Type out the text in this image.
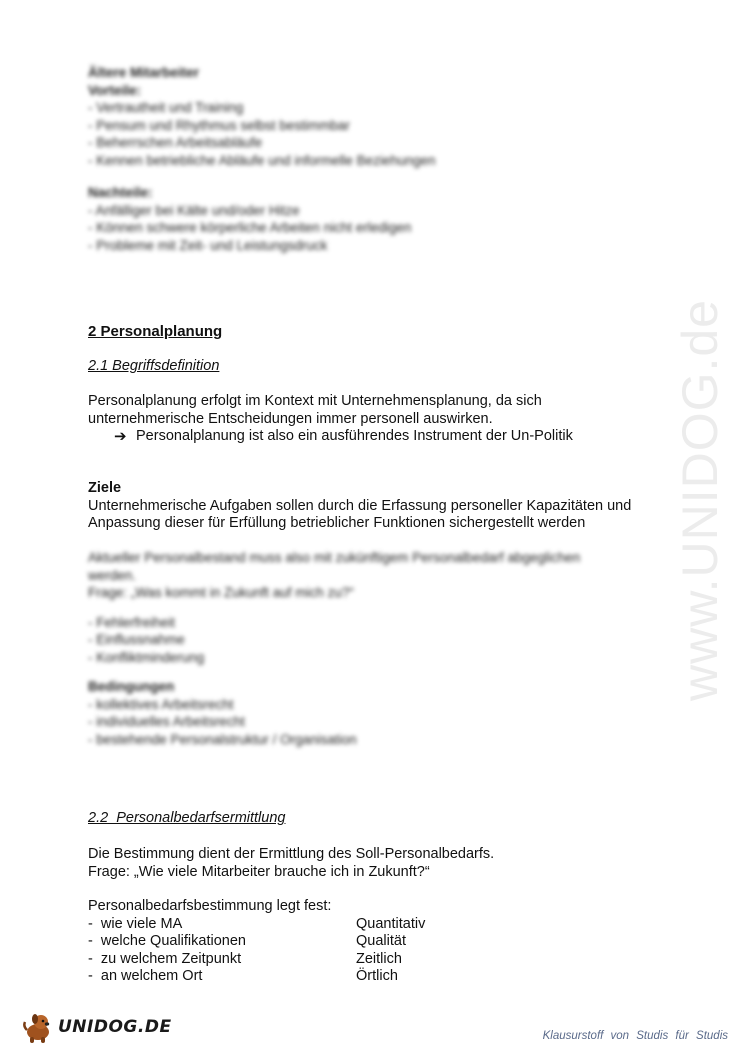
www.UNIDOG.de
Ältere Mitarbeiter
Vorteile:
- Vertrautheit und Training
- Pensum und Rhythmus selbst bestimmbar
- Beherrschen Arbeitsabläufe
- Kennen betriebliche Abläufe und informelle Beziehungen
Nachteile:
- Anfälliger bei Kälte und/oder Hitze
- Können schwere körperliche Arbeiten nicht erledigen
- Probleme mit Zeit- und Leistungsdruck
2 Personalplanung
2.1 Begriffsdefinition
Personalplanung erfolgt im Kontext mit Unternehmensplanung, da sich
unternehmerische Entscheidungen immer personell auswirken.
➔ Personalplanung ist also ein ausführendes Instrument der Un-Politik
Ziele
Unternehmerische Aufgaben sollen durch die Erfassung personeller Kapazitäten und
Anpassung dieser für Erfüllung betrieblicher Funktionen sichergestellt werden
Aktueller Personalbestand muss also mit zukünftigem Personalbedarf abgeglichen
werden.
Frage: „Was kommt in Zukunft auf mich zu?“
- Fehlerfreiheit
- Einflussnahme
- Konfliktminderung
Bedingungen
- kollektives Arbeitsrecht
- individuelles Arbeitsrecht
- bestehende Personalstruktur / Organisation
2.2  Personalbedarfsermittlung
Die Bestimmung dient der Ermittlung des Soll-Personalbedarfs.
Frage: „Wie viele Mitarbeiter brauche ich in Zukunft?“
Personalbedarfsbestimmung legt fest:
-  wie viele MA	Quantitativ
-  welche Qualifikationen	Qualität
-  zu welchem Zeitpunkt	Zeitlich
-  an welchem Ort	Örtlich
UNIDOG.DE	Klausurstoff von Studis für Studis
